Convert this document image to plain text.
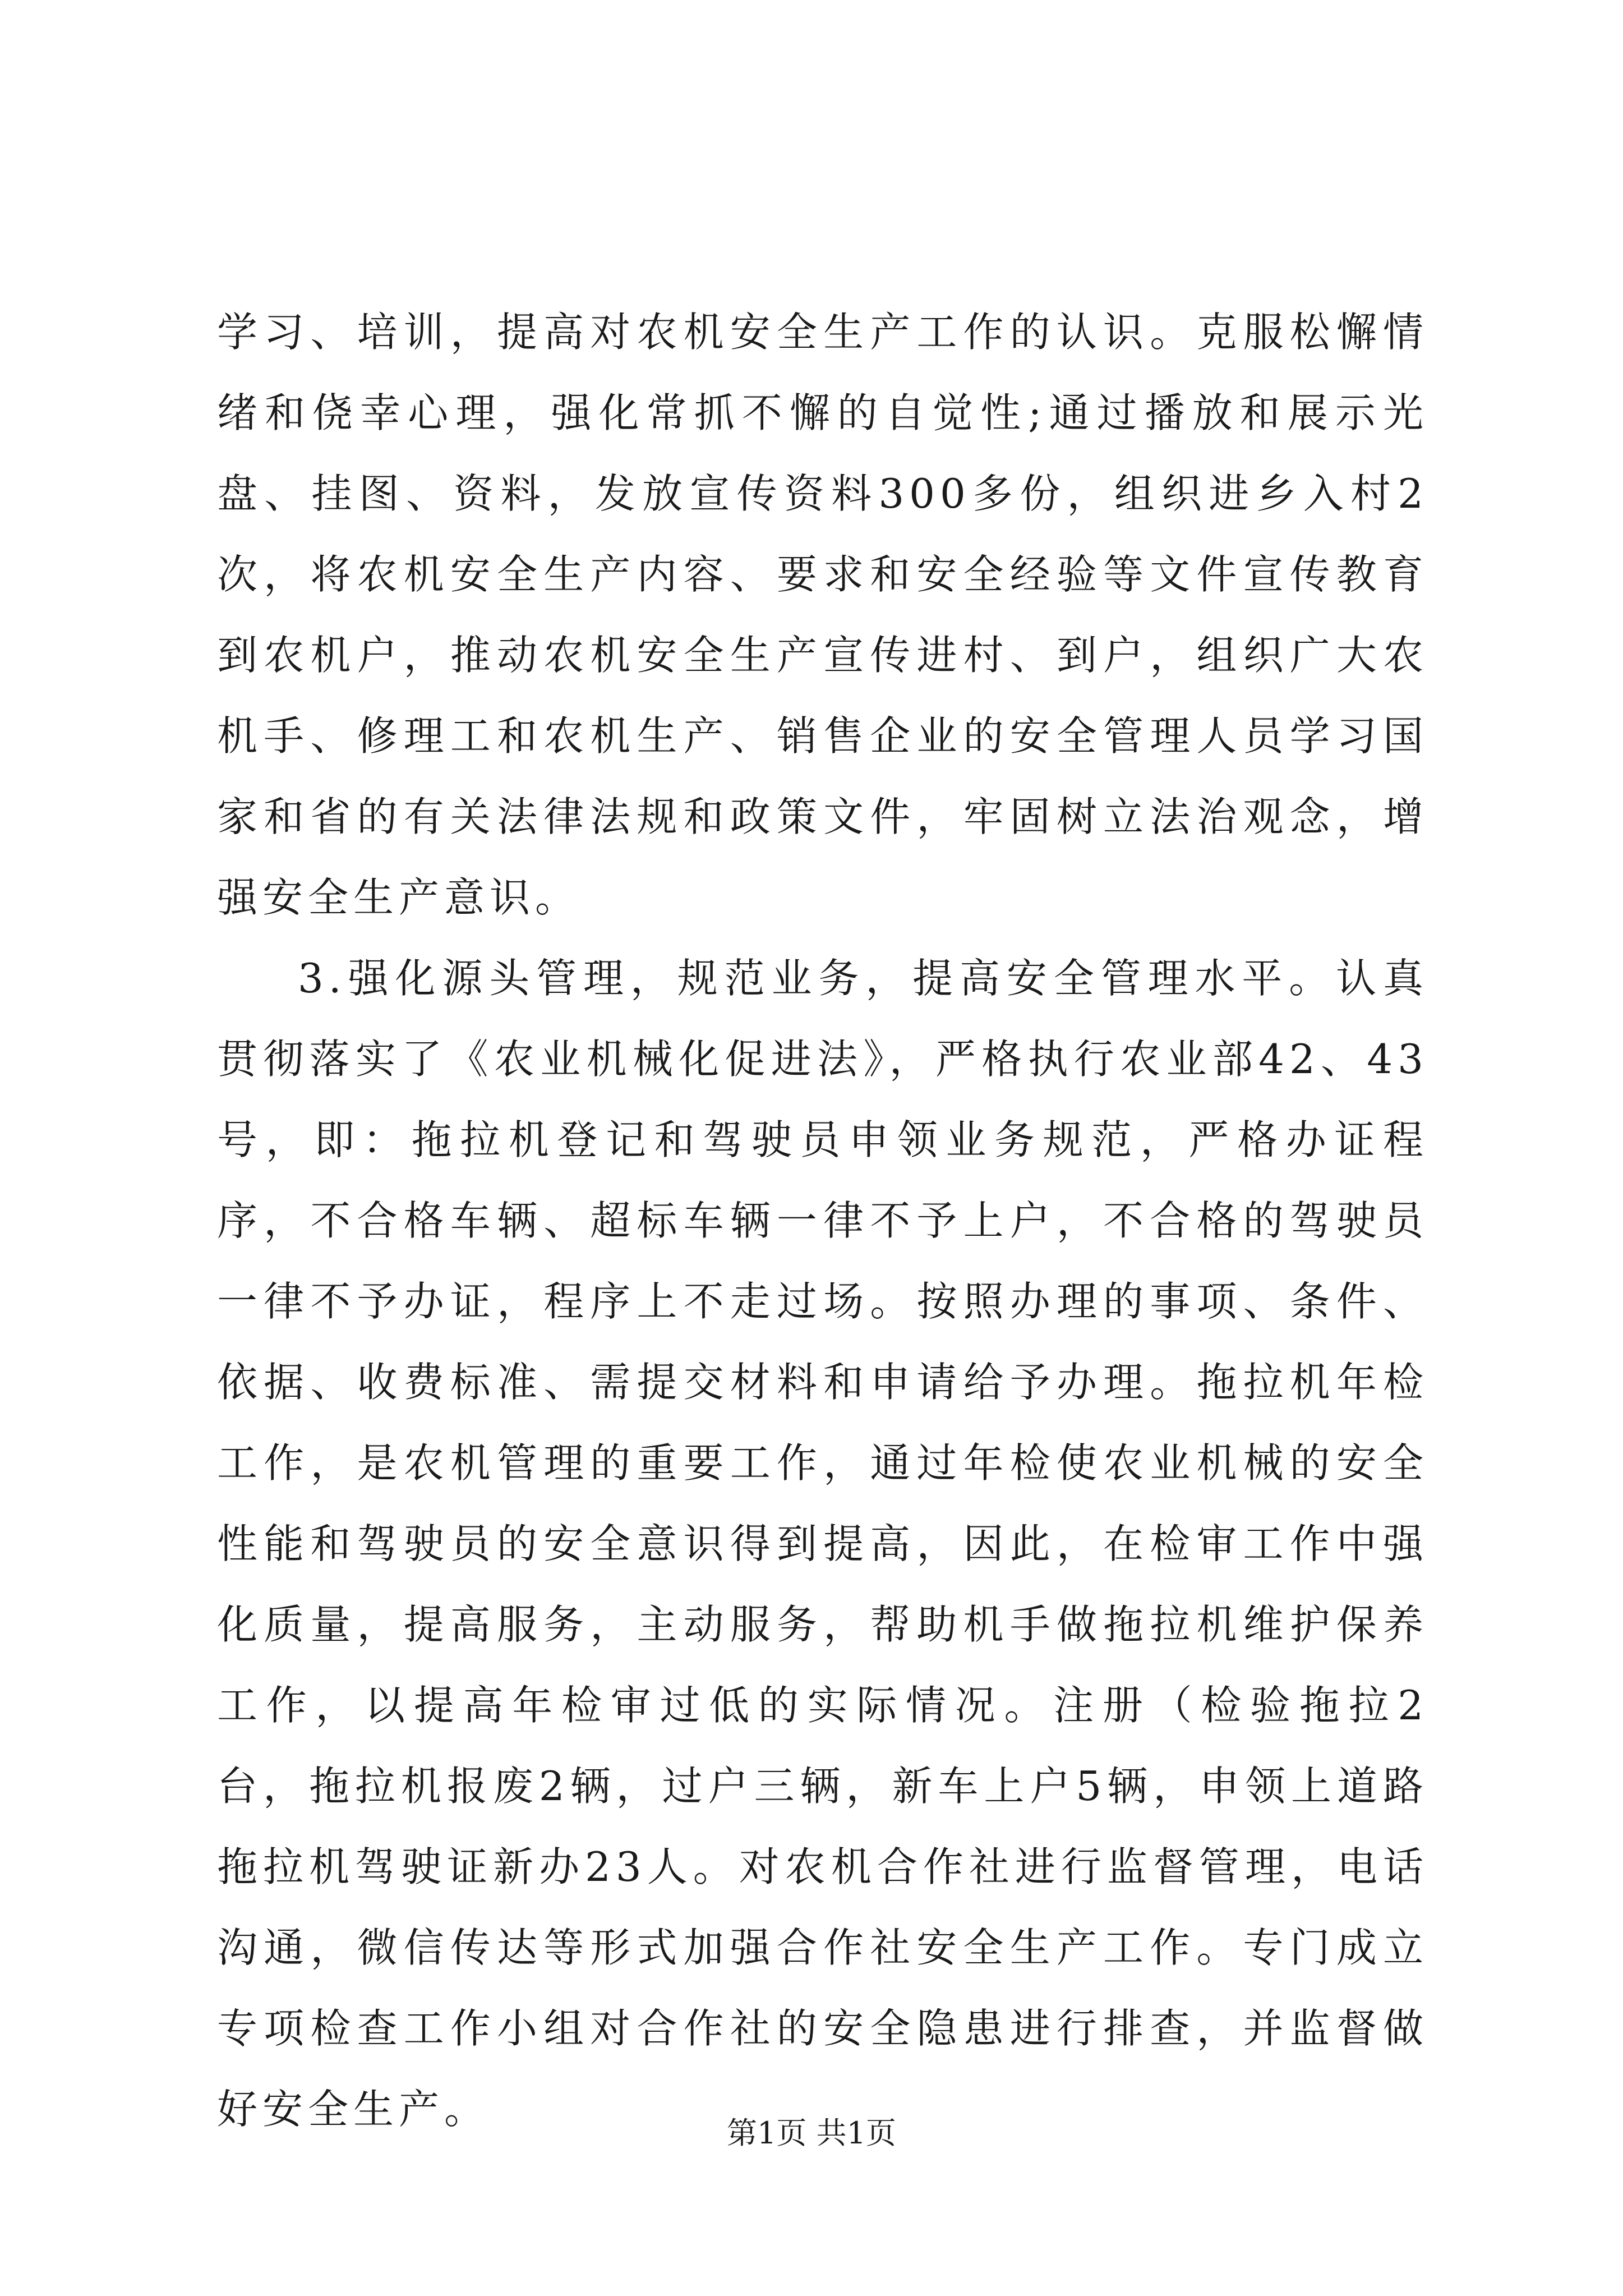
学习、培训，提高对农机安全生产工作的认识。克服松懈情绪和侥幸心理，强化常抓不懈的自觉性;通过播放和展示光盘、挂图、资料，发放宣传资料300多份，组织进乡入村2次，将农机安全生产内容、要求和安全经验等文件宣传教育到农机户，推动农机安全生产宣传进村、到户，组织广大农机手、修理工和农机生产、销售企业的安全管理人员学习国家和省的有关法律法规和政策文件，牢固树立法治观念，增强安全生产意识。

3.强化源头管理，规范业务，提高安全管理水平。认真贯彻落实了《农业机械化促进法》，严格执行农业部42、43号，即：拖拉机登记和驾驶员申领业务规范，严格办证程序，不合格车辆、超标车辆一律不予上户，不合格的驾驶员一律不予办证，程序上不走过场。按照办理的事项、条件、依据、收费标准、需提交材料和申请给予办理。拖拉机年检工作，是农机管理的重要工作，通过年检使农业机械的安全性能和驾驶员的安全意识得到提高，因此，在检审工作中强化质量，提高服务，主动服务，帮助机手做拖拉机维护保养工作，以提高年检审过低的实际情况。注册（检验拖拉2台，拖拉机报废2辆，过户三辆，新车上户5辆，申领上道路拖拉机驾驶证新办23人。对农机合作社进行监督管理，电话沟通，微信传达等形式加强合作社安全生产工作。专门成立专项检查工作小组对合作社的安全隐患进行排查，并监督做好安全生产。

第1页 共1页
